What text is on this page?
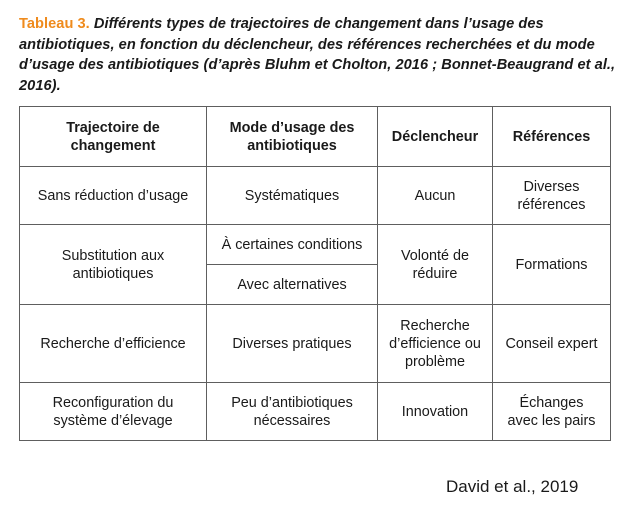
Tableau 3. Différents types de trajectoires de changement dans l’usage des antibiotiques, en fonction du déclencheur, des références recherchées et du mode d’usage des antibiotiques (d’après Bluhm et Cholton, 2016 ; Bonnet-Beaugrand et al., 2016).
Trajectoire de changement	Mode d’usage des antibiotiques	Déclencheur	Références
Sans réduction d’usage	Systématiques	Aucun	Diverses références
Substitution aux antibiotiques	À certaines conditions	Volonté de réduire	Formations
	Avec alternatives		
Recherche d’efficience	Diverses pratiques	Recherche d’efficience ou problème	Conseil expert
Reconfiguration du système d’élevage	Peu d’antibiotiques nécessaires	Innovation	Échanges avec les pairs
David et al., 2019
